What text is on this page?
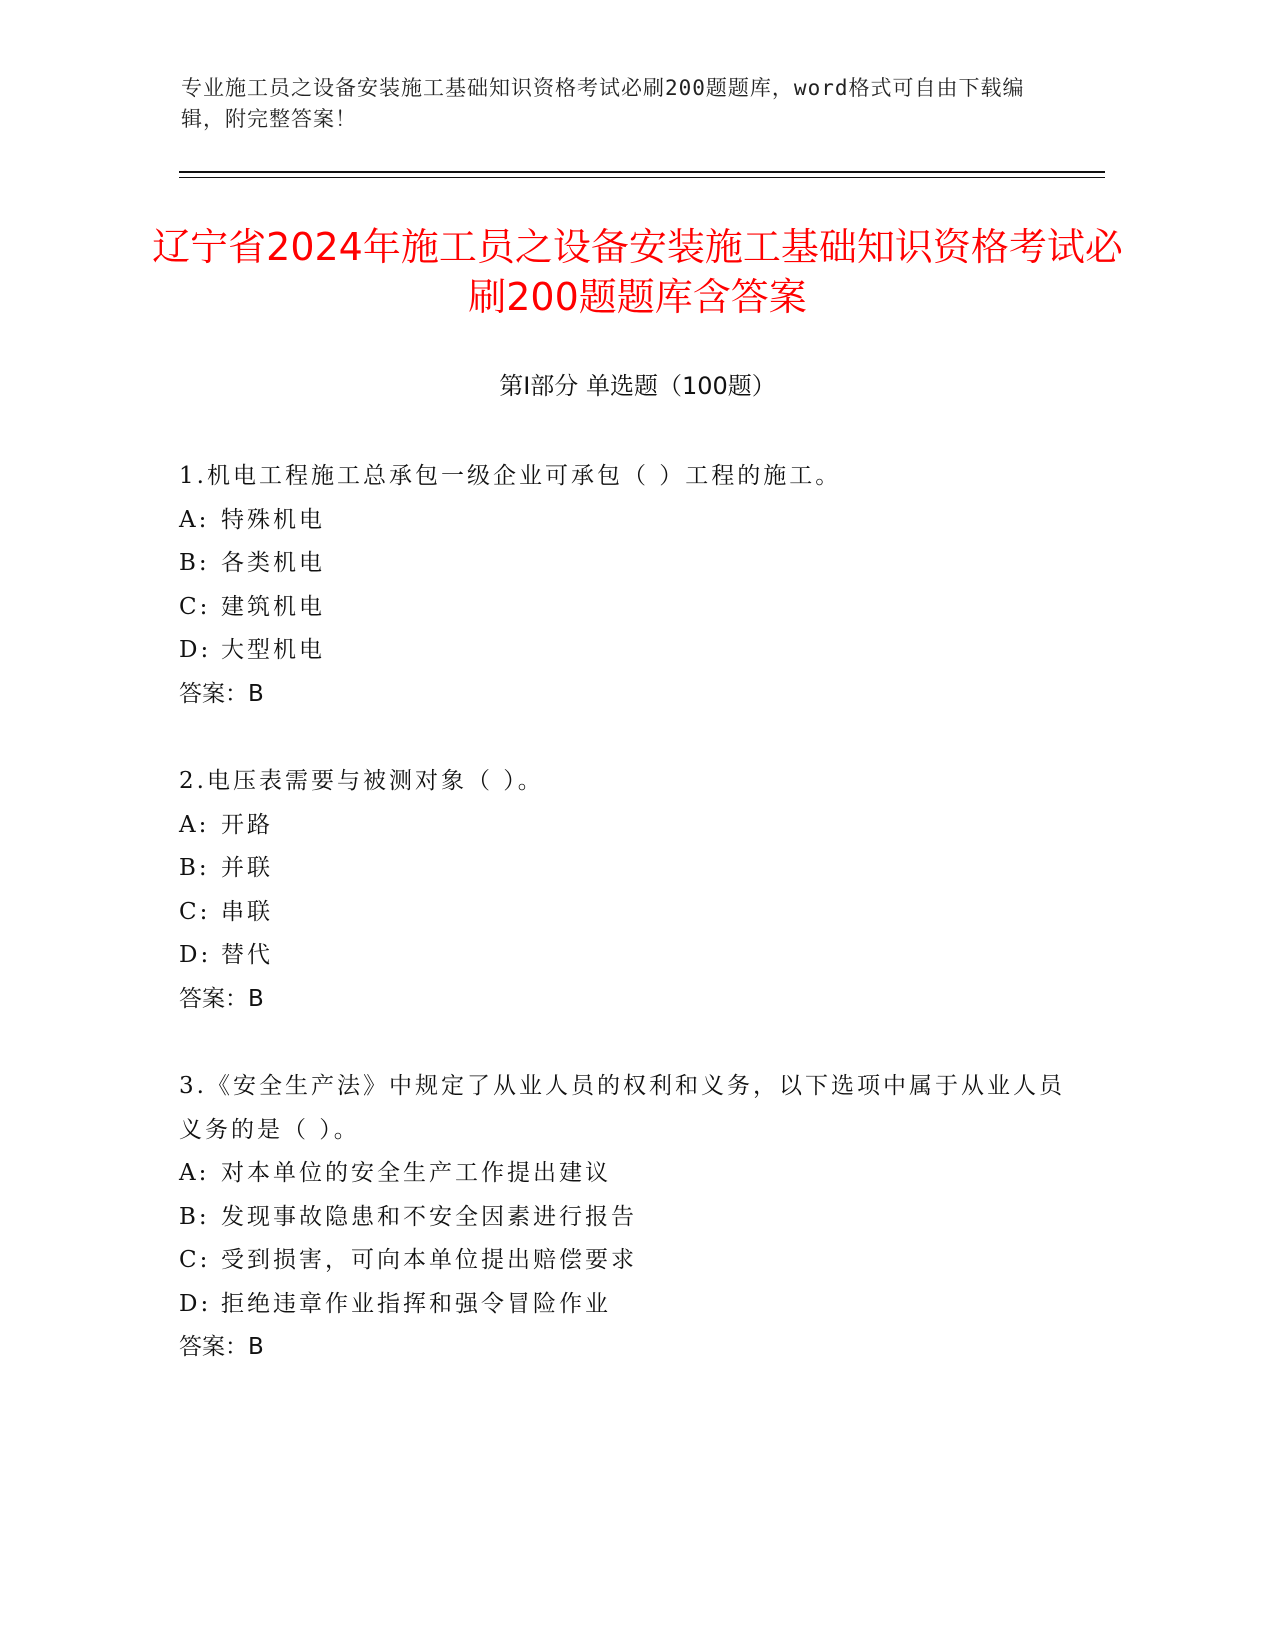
专业施工员之设备安装施工基础知识资格考试必刷200题题库，word格式可自由下载编辑，附完整答案！
辽宁省2024年施工员之设备安装施工基础知识资格考试必刷200题题库含答案
第I部分 单选题（100题）
1.机电工程施工总承包一级企业可承包（ ）工程的施工。
A: 特殊机电
B: 各类机电
C: 建筑机电
D: 大型机电
答案：B
2.电压表需要与被测对象（ ）。
A: 开路
B: 并联
C: 串联
D: 替代
答案：B
3.《安全生产法》中规定了从业人员的权利和义务，以下选项中属于从业人员义务的是（ ）。
A: 对本单位的安全生产工作提出建议
B: 发现事故隐患和不安全因素进行报告
C: 受到损害，可向本单位提出赔偿要求
D: 拒绝违章作业指挥和强令冒险作业
答案：B
